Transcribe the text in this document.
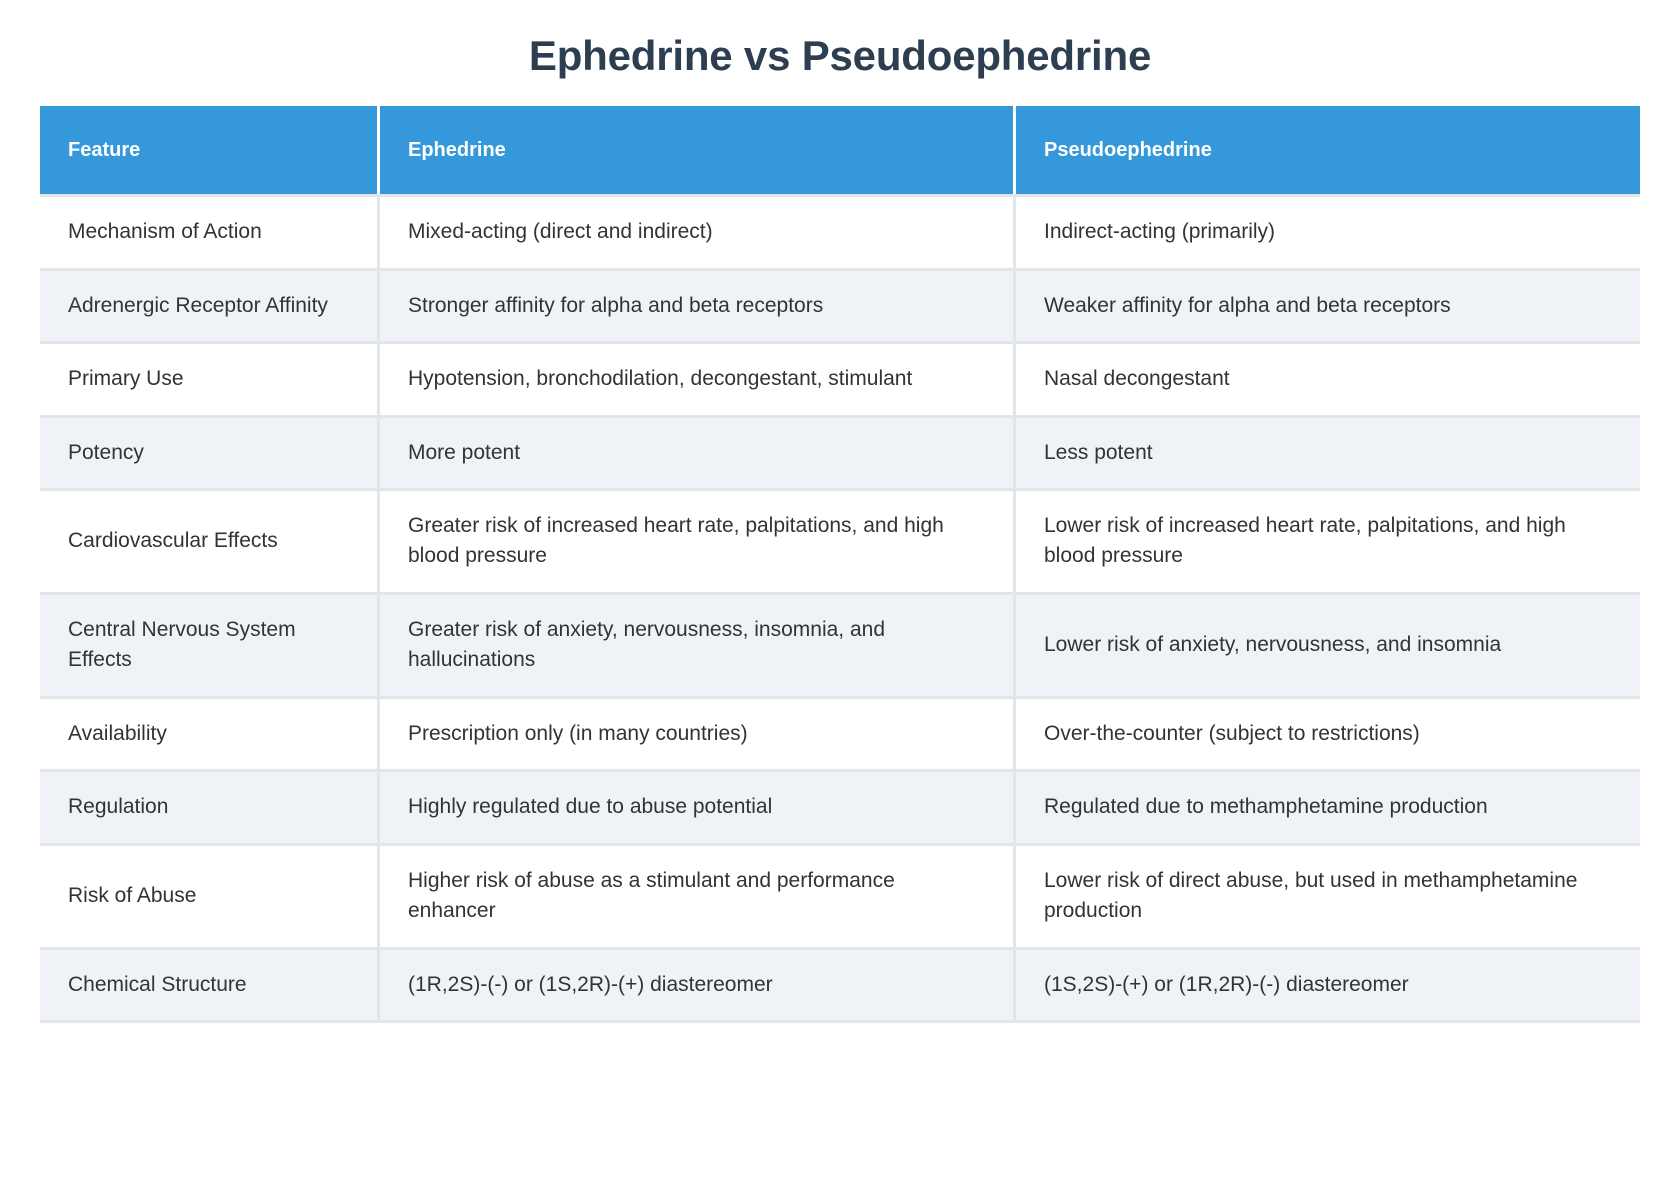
Ephedrine vs Pseudoephedrine
Feature	Ephedrine	Pseudoephedrine
Mechanism of Action	Mixed-acting (direct and indirect)	Indirect-acting (primarily)
Adrenergic Receptor Affinity	Stronger affinity for alpha and beta receptors	Weaker affinity for alpha and beta receptors
Primary Use	Hypotension, bronchodilation, decongestant, stimulant	Nasal decongestant
Potency	More potent	Less potent
Cardiovascular Effects	Greater risk of increased heart rate, palpitations, and high blood pressure	Lower risk of increased heart rate, palpitations, and high blood pressure
Central Nervous System Effects	Greater risk of anxiety, nervousness, insomnia, and hallucinations	Lower risk of anxiety, nervousness, and insomnia
Availability	Prescription only (in many countries)	Over-the-counter (subject to restrictions)
Regulation	Highly regulated due to abuse potential	Regulated due to methamphetamine production
Risk of Abuse	Higher risk of abuse as a stimulant and performance enhancer	Lower risk of direct abuse, but used in methamphetamine production
Chemical Structure	(1R,2S)-(-) or (1S,2R)-(+) diastereomer	(1S,2S)-(+) or (1R,2R)-(-) diastereomer
